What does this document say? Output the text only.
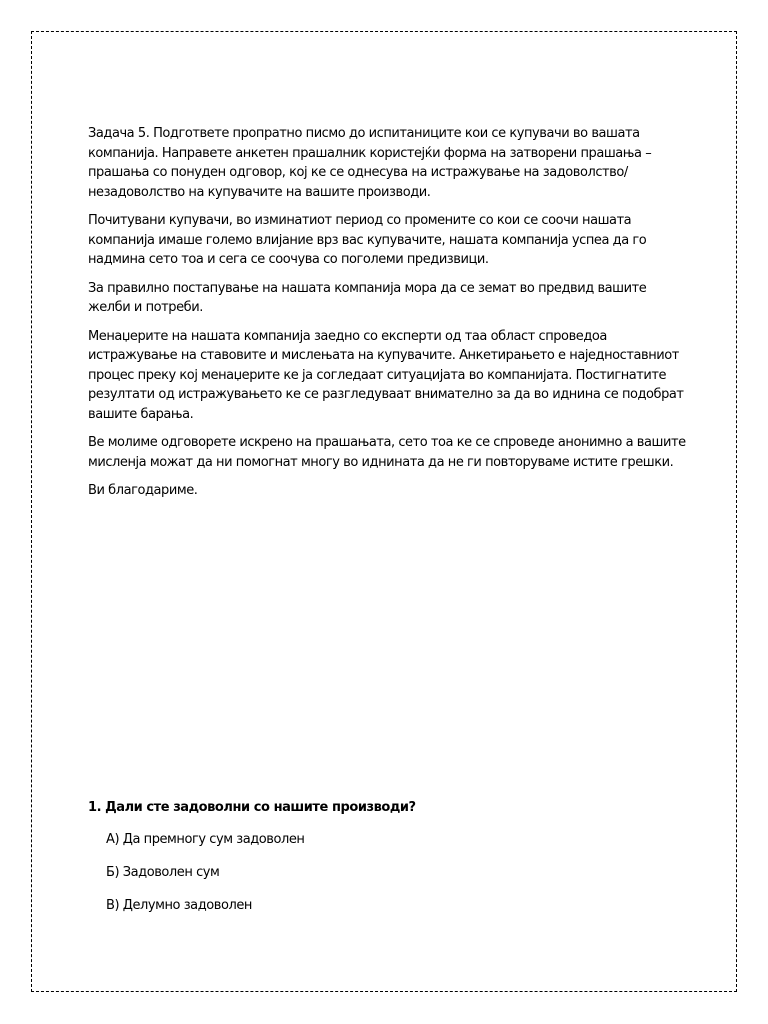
Задача 5. Подгответе пропратно писмо до испитаниците кои се купувачи во вашата компанија. Направете анкетен прашалник користејќи форма на затворени прашања – прашања со понуден одговор, кој ке се однесува на истражување на задоволство/незадоволство на купувачите на вашите производи.

Почитувани купувачи, во изминатиот период со промените со кои се соочи нашата компанија имаше големо влијание врз вас купувачите, нашата компанија успеа да го надмина сето тоа и сега се соочува со поголеми предизвици.

За правилно постапување на нашата компанија мора да се земат во предвид вашите желби и потреби.

Менаџерите на нашата компанија заедно со експерти од таа област спроведоа истражување на ставовите и мислењата на купувачите. Анкетирањето е наједноставниот процес преку кој менаџерите ке ја согледаат ситуацијата во компанијата. Постигнатите резултати од истражувањето ке се разгледуваат внимателно за да во иднина се подобрат вашите барања.

Ве молиме одговорете искрено на прашањата, сето тоа ке се спроведе анонимно а вашите мисленја можат да ни помогнат многу во иднината да не ги повторуваме истите грешки.

Ви благодариме.

1. Дали сте задоволни со нашите производи?

А) Да премногу сум задоволен

Б) Задоволен сум

В) Делумно задоволен
